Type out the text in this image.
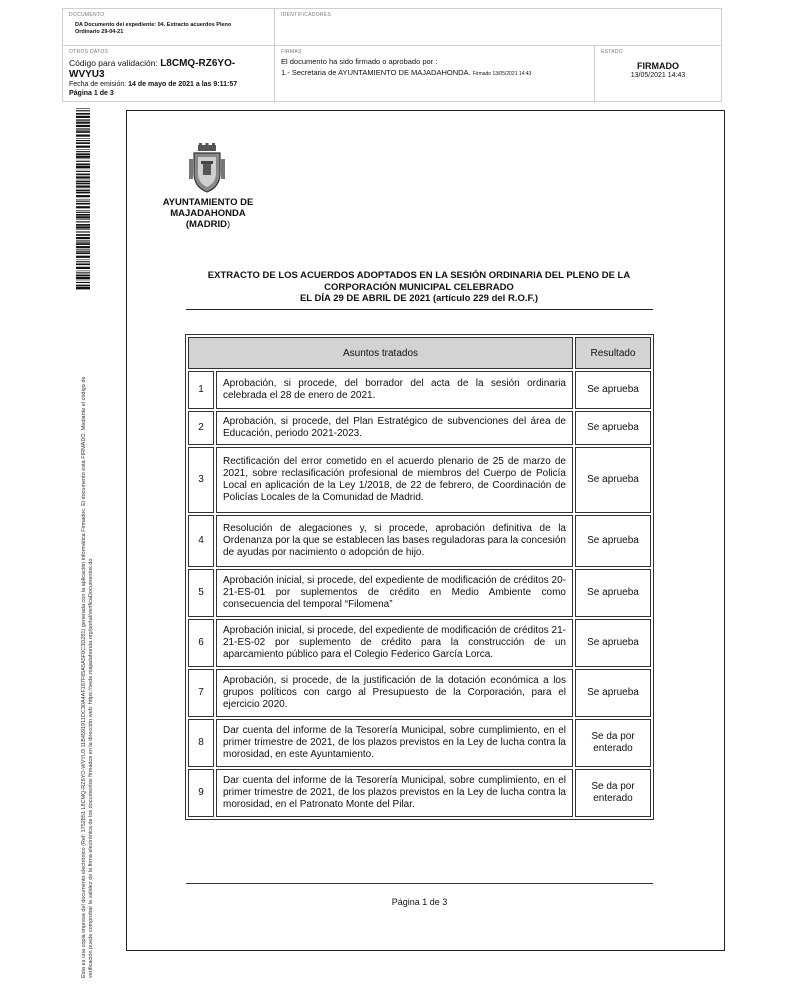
DOCUMENTO
DA Documento del expediente: 04. Extracto acuerdos Pleno
Ordinario 29-04-21
IDENTIFICADORES
OTROS DATOS
Código para validación: L8CMQ-RZ6YO-WVYU3
Fecha de emisión: 14 de mayo de 2021 a las 9:11:57
Página 1 de 3
FIRMAS
El documento ha sido firmado o aprobado por :
1.- Secretaria de AYUNTAMIENTO DE MAJADAHONDA. Firmado 13/05/2021 14:43
ESTADO
FIRMADO
13/05/2021 14:43
Esta es una copia impresa del documento electrónico (Ref: 1752851 L8CMQ-RZ6YO-WVYU3 11B4591911DC30A4AF187F65A5A5F0C3D281) generada con la aplicación informática Firmadoc. El documento está FIRMADO. Mediante el código de verificación puede comprobar la validez de la firma electrónica de los documentos firmados en la dirección web: https://sede.majadahonda.org/portal/verificaDocumentos.do
AYUNTAMIENTO DE
MAJADAHONDA
(MADRID)
EXTRACTO DE LOS ACUERDOS ADOPTADOS EN LA SESIÓN ORDINARIA DEL PLENO DE LA
CORPORACIÓN MUNICIPAL CELEBRADO
EL DÍA 29 DE ABRIL DE 2021 (artículo 229 del R.O.F.)
Asuntos tratados		Resultado
1	Aprobación, si procede, del borrador del acta de la sesión ordinaria celebrada el 28 de enero de 2021.	Se aprueba
2	Aprobación, si procede, del Plan Estratégico de subvenciones del área de Educación, periodo 2021-2023.	Se aprueba
3	Rectificación del error cometido en el acuerdo plenario de 25 de marzo de 2021, sobre reclasificación profesional de miembros del Cuerpo de Policía Local en aplicación de la Ley 1/2018, de 22 de febrero, de Coordinación de Policías Locales de la Comunidad de Madrid.	Se aprueba
4	Resolución de alegaciones y, si procede, aprobación definitiva de la Ordenanza por la que se establecen las bases reguladoras para la concesión de ayudas por nacimiento o adopción de hijo.	Se aprueba
5	Aprobación inicial, si procede, del expediente de modificación de créditos 20-21-ES-01 por suplementos de crédito en Medio Ambiente como consecuencia del temporal “Filomena”	Se aprueba
6	Aprobación inicial, si procede, del expediente de modificación de créditos 21-21-ES-02 por suplemento de crédito para la construcción de un aparcamiento público para el Colegio Federico García Lorca.	Se aprueba
7	Aprobación, si procede, de la justificación de la dotación económica a los grupos políticos con cargo al Presupuesto de la Corporación, para el ejercicio 2020.	Se aprueba
8	Dar cuenta del informe de la Tesorería Municipal, sobre cumplimiento, en el primer trimestre de 2021, de los plazos previstos en la Ley de lucha contra la morosidad, en este Ayuntamiento.	Se da por enterado
9	Dar cuenta del informe de la Tesorería Municipal, sobre cumplimiento, en el primer trimestre de 2021, de los plazos previstos en la Ley de lucha contra la morosidad, en el Patronato Monte del Pilar.	Se da por enterado
Página 1 de 3
